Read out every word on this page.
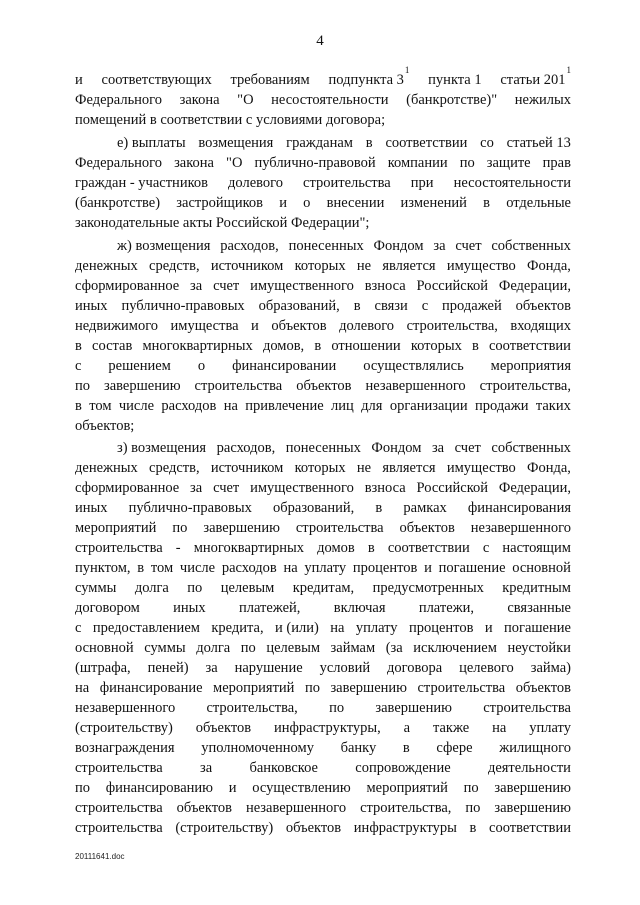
4
и соответствующих требованиям подпункта $3^1$
пункта 1 статьи $201^1$
Федерального закона "О несостоятельности (банкротстве)" нежилых
помещений в соответствии с условиями договора;
е) выплаты возмещения гражданам в соответствии со статьей 13
Федерального закона "О публично-правовой компании по защите прав
граждан - участников долевого строительства при несостоятельности
(банкротстве) застройщиков и о внесении изменений в отдельные
законодательные акты Российской Федерации";
ж) возмещения расходов, понесенных Фондом за счет собственных
денежных средств, источником которых не является имущество Фонда,
сформированное за счет имущественного взноса Российской Федерации,
иных публично-правовых образований, в связи с продажей объектов
недвижимого имущества и объектов долевого строительства, входящих
в состав многоквартирных домов, в отношении которых в соответствии
с решением о финансировании осуществлялись мероприятия
по завершению строительства объектов незавершенного строительства,
в том числе расходов на привлечение лиц для организации продажи таких
объектов;
з) возмещения расходов, понесенных Фондом за счет собственных
денежных средств, источником которых не является имущество Фонда,
сформированное за счет имущественного взноса Российской Федерации,
иных публично-правовых образований, в рамках финансирования
мероприятий по завершению строительства объектов незавершенного
строительства - многоквартирных домов в соответствии с настоящим
пунктом, в том числе расходов на уплату процентов и погашение основной
суммы долга по целевым кредитам, предусмотренных кредитным
договором иных платежей, включая платежи, связанные
с предоставлением кредита, и (или) на уплату процентов и погашение
основной суммы долга по целевым займам (за исключением неустойки
(штрафа, пеней) за нарушение условий договора целевого займа)
на финансирование мероприятий по завершению строительства объектов
незавершенного строительства, по завершению строительства
(строительству) объектов инфраструктуры, а также на уплату
вознаграждения уполномоченному банку в сфере жилищного
строительства	за	банковское	сопровождение	деятельности
по финансированию и осуществлению мероприятий по завершению
строительства объектов незавершенного строительства, по завершению
строительства (строительству) объектов инфраструктуры в соответствии
20111641.doc
